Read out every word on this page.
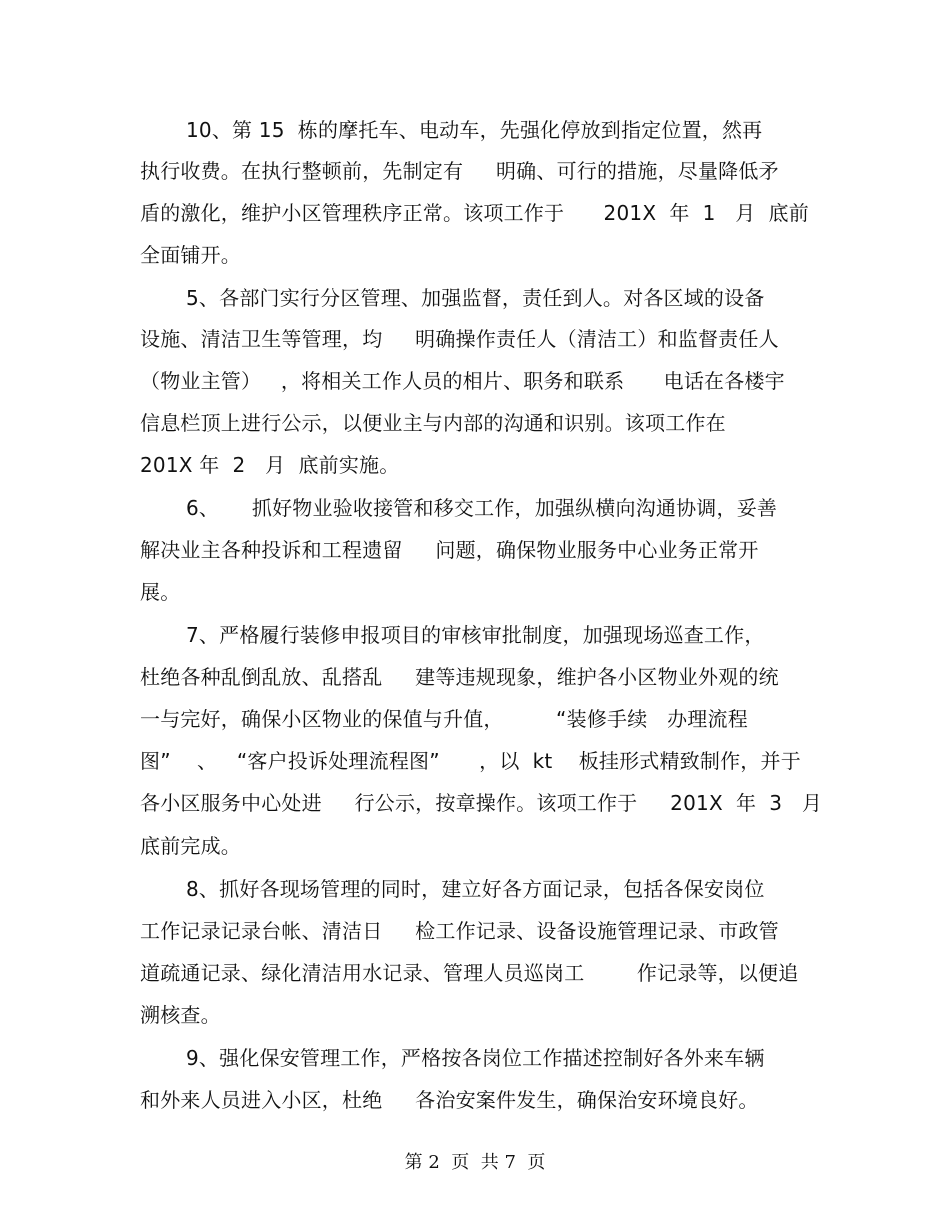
10、第 15  栋的摩托车、电动车，先强化停放到指定位置，然再
执行收费。在执行整顿前，先制定有     明确、可行的措施，尽量降低矛
盾的激化，维护小区管理秩序正常。该项工作于      201X  年  1   月  底前
全面铺开。
5、各部门实行分区管理、加强监督，责任到人。对各区域的设备
设施、清洁卫生等管理，均     明确操作责任人（清洁工）和监督责任人
（物业主管）   ，将相关工作人员的相片、职务和联系      电话在各楼宇
信息栏顶上进行公示，以便业主与内部的沟通和识别。该项工作在
201X 年  2   月  底前实施。
6、     抓好物业验收接管和移交工作，加强纵横向沟通协调，妥善
解决业主各种投诉和工程遗留     问题，确保物业服务中心业务正常开
展。
7、严格履行装修申报项目的审核审批制度，加强现场巡查工作，
杜绝各种乱倒乱放、乱搭乱     建等违规现象，维护各小区物业外观的统
一与完好，确保小区物业的保值与升值，        “装修手续   办理流程
图”    、   “客户投诉处理流程图”      ，以  kt    板挂形式精致制作，并于
各小区服务中心处进     行公示，按章操作。该项工作于     201X  年  3   月
底前完成。
8、抓好各现场管理的同时，建立好各方面记录，包括各保安岗位
工作记录记录台帐、清洁日     检工作记录、设备设施管理记录、市政管
道疏通记录、绿化清洁用水记录、管理人员巡岗工        作记录等，以便追
溯核查。
9、强化保安管理工作，严格按各岗位工作描述控制好各外来车辆
和外来人员进入小区，杜绝     各治安案件发生，确保治安环境良好。
第 2  页  共 7  页
